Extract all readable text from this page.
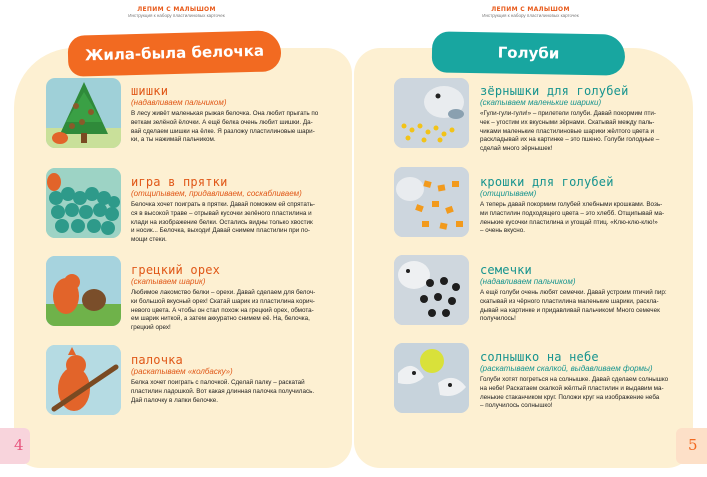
ЛЕПИМ С МАЛЫШОМ
Инструкция к набору пластилиновых карточек
Жила-была белочка
шишки
(надавливаем пальчиком)
В лесу живёт маленькая рыжая белочка. Она любит прыгать по
веткам зелёной ёлочки. А ещё белка очень любит шишки. Да-
вай сделаем шишки на ёлке. Я разложу пластилиновые шари-
ки, а ты нажимай пальчиком.
игра в прятки
(отщипываем, придавливаем, соскабливаем)
Белочка хочет поиграть в прятки. Давай поможем ей спрятать-
ся в высокой траве – отрывай кусочки зелёного пластилина и
клади на изображение белки. Остались видны только хвостик
и носик... Белочка, выходи! Давай снимем пластилин при по-
мощи стеки.
грецкий орех
(скатываем шарик)
Любимое лакомство белки – орехи. Давай сделаем для белоч-
ки большой вкусный орех! Скатай шарик из пластилина корич-
невого цвета. А чтобы он стал похож на грецкий орех, обмота-
ем шарик ниткой, а затем аккуратно снимем её. На, белочка,
грецкий орех!
палочка
(раскатываем «колбаску»)
Белка хочет поиграть с палочкой. Сделай палку – раскатай
пластилин ладошкой. Вот какая длинная палочка получилась.
Дай палочку в лапки белочке.
4
ЛЕПИМ С МАЛЫШОМ
Инструкция к набору пластилиновых карточек
Голуби
зёрнышки для голубей
(скатываем маленькие шарики)
«Гули-гули-гули!» – прилетели голуби. Давай покормим пти-
чек – угостим их вкусными зёрнами. Скатывай между паль-
чиками маленькие пластилиновые шарики жёлтого цвета и
раскладывай их на картинке – это пшено. Голуби голодные –
сделай много зёрнышек!
крошки для голубей
(отщипываем)
А теперь давай покормим голубей хлебными крошками. Возь-
ми пластилин подходящего цвета – это хлебб. Отщипывай ма-
ленькие кусочки пластилина и угощай птиц. «Клю-клю-клю!»
– очень вкусно.
семечки
(надавливаем пальчиком)
А ещё голуби очень любят семечки. Давай устроим птичий пир:
скатывай из чёрного пластилина маленькие шарики, раскла-
дывай на картинке и придавливай пальчиком! Много семечек
получилось!
солнышко на небе
(раскатываем скалкой, выдавливаем формы)
Голуби хотят погреться на солнышке. Давай сделаем солнышко
на небе! Раскатаем скалкой жёлтый пластилин и выдавим ма-
ленькие стаканчиком круг. Положи круг на изображение неба
– получилось солнышко!
5
